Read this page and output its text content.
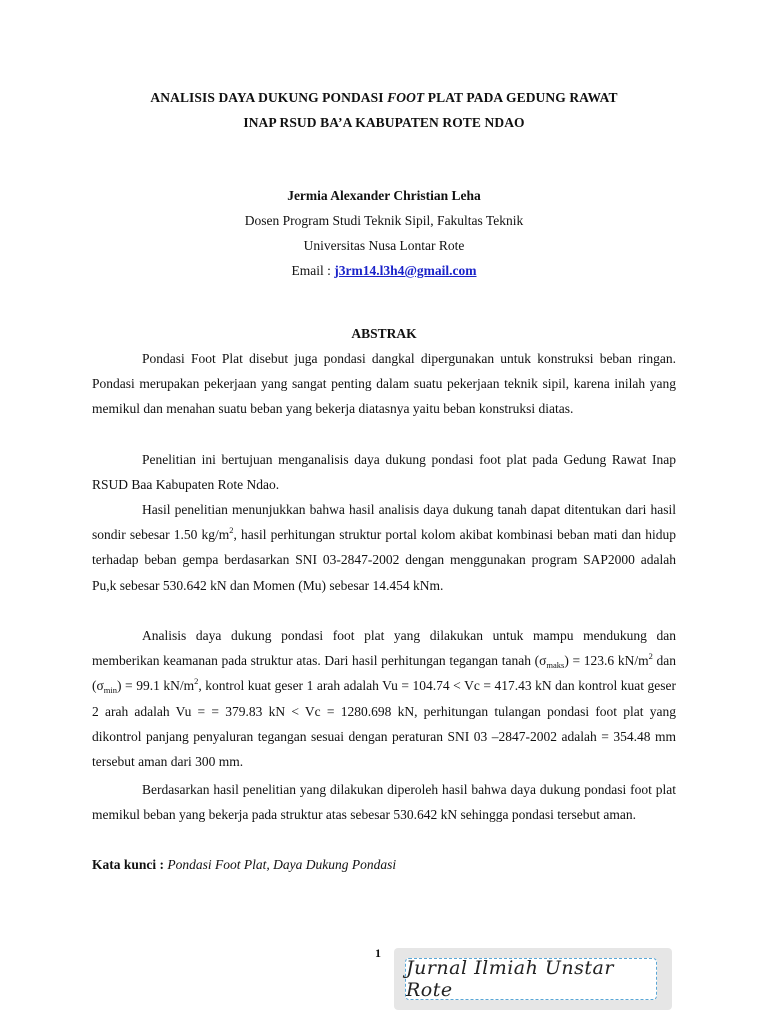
ANALISIS DAYA DUKUNG PONDASI FOOT PLAT PADA GEDUNG RAWAT
INAP RSUD BA’A KABUPATEN ROTE NDAO
Jermia Alexander Christian Leha
Dosen Program Studi Teknik Sipil, Fakultas Teknik
Universitas Nusa Lontar Rote
Email : j3rm14.l3h4@gmail.com
ABSTRAK

Pondasi Foot Plat disebut juga pondasi dangkal dipergunakan untuk konstruksi beban ringan. Pondasi merupakan pekerjaan yang sangat penting dalam suatu pekerjaan teknik sipil, karena inilah yang memikul dan menahan suatu beban yang bekerja diatasnya yaitu beban konstruksi diatas.

Penelitian ini bertujuan menganalisis daya dukung pondasi foot plat pada Gedung Rawat Inap RSUD Baa Kabupaten Rote Ndao.

Hasil penelitian menunjukkan bahwa hasil analisis daya dukung tanah dapat ditentukan dari hasil sondir sebesar 1.50 $kg/m^2$, hasil perhitungan struktur portal kolom akibat kombinasi beban mati dan hidup terhadap beban gempa berdasarkan SNI 03-2847-2002 dengan menggunakan program SAP2000 adalah Pu,k sebesar 530.642 kN dan Momen (Mu) sebesar 14.454 kNm.

Analisis daya dukung pondasi foot plat yang dilakukan untuk mampu mendukung dan memberikan keamanan pada struktur atas. Dari hasil perhitungan tegangan tanah $(\sigma_{maks}) = 123.6$ $kN/m^2$ dan $(\sigma_{min}) = 99.1$ $kN/m^2$, kontrol kuat geser 1 arah adalah Vu = 104.74 < Vc = 417.43 kN dan kontrol kuat geser 2 arah adalah Vu = = 379.83 kN < Vc = 1280.698 kN, perhitungan tulangan pondasi foot plat yang dikontrol panjang penyaluran tegangan sesuai dengan peraturan SNI 03 –2847-2002 adalah = 354.48 mm tersebut aman dari 300 mm.

Berdasarkan hasil penelitian yang dilakukan diperoleh hasil bahwa daya dukung pondasi foot plat memikul beban yang bekerja pada struktur atas sebesar 530.642 kN sehingga pondasi tersebut aman.

Kata kunci : Pondasi Foot Plat, Daya Dukung Pondasi
1
Jurnal Ilmiah Unstar Rote
